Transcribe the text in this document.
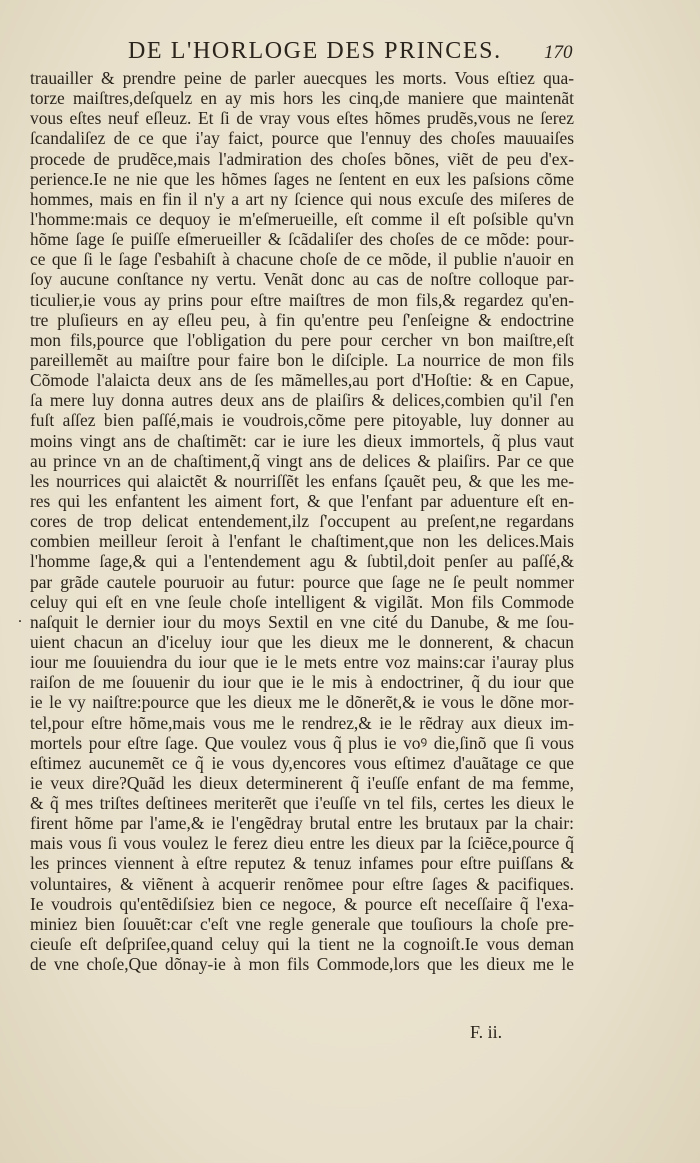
DE L'HORLOGE DES PRINCES. 170
.
trauailler & prendre peine de parler auecques les morts. Vous eſtiez qua-
torze maiſtres,deſquelz en ay mis hors les cinq,de maniere que maintenãt
vous eſtes neuf eſleuz. Et ſi de vray vous eſtes hõmes prudẽs,vous ne ſerez
ſcandaliſez de ce que i'ay faict, pource que l'ennuy des choſes mauuaiſes
procede de prudẽce,mais l'admiration des choſes bõnes, viẽt de peu d'ex-
perience.Ie ne nie que les hõmes ſages ne ſentent en eux les paſsions cõme
hommes, mais en fin il n'y a art ny ſcience qui nous excuſe des miſeres de
l'homme:mais ce dequoy ie m'eſmerueille, eſt comme il eſt poſsible qu'vn
hõme ſage ſe puiſſe eſmerueiller & ſcãdaliſer des choſes de ce mõde: pour-
ce que ſi le ſage ſ'esbahiſt à chacune choſe de ce mõde, il publie n'auoir en
ſoy aucune conſtance ny vertu. Venãt donc au cas de noſtre colloque par-
ticulier,ie vous ay prins pour eſtre maiſtres de mon fils,& regardez qu'en-
tre pluſieurs en ay eſleu peu, à fin qu'entre peu ſ'enſeigne & endoctrine
mon fils,pource que l'obligation du pere pour cercher vn bon maiſtre,eſt
pareillemẽt au maiſtre pour faire bon le diſciple. La nourrice de mon fils
Cõmode l'alaicta deux ans de ſes mãmelles,au port d'Hoſtie: & en Capue,
ſa mere luy donna autres deux ans de plaiſirs & delices,combien qu'il ſ'en
fuſt aſſez bien paſſé,mais ie voudrois,cõme pere pitoyable, luy donner au
moins vingt ans de chaſtimẽt: car ie iure les dieux immortels, q̃ plus vaut
au prince vn an de chaſtiment,q̃ vingt ans de delices & plaiſirs. Par ce que
les nourrices qui alaictẽt & nourriſſẽt les enfans ſçauẽt peu, & que les me-
res qui les enfantent les aiment fort, & que l'enfant par aduenture eſt en-
cores de trop delicat entendement,ilz ſ'occupent au preſent,ne regardans
combien meilleur ſeroit à l'enfant le chaſtiment,que non les delices.Mais
l'homme ſage,& qui a l'entendement agu & ſubtil,doit penſer au paſſé,&
par grãde cautele pouruoir au futur: pource que ſage ne ſe peult nommer
celuy qui eſt en vne ſeule choſe intelligent & vigilãt. Mon fils Commode
naſquit le dernier iour du moys Sextil en vne cité du Danube, & me ſou-
uient chacun an d'iceluy iour que les dieux me le donnerent, & chacun
iour me ſouuiendra du iour que ie le mets entre voz mains:car i'auray plus
raiſon de me ſouuenir du iour que ie le mis à endoctriner, q̃ du iour que
ie le vy naiſtre:pource que les dieux me le dõnerẽt,& ie vous le dõne mor-
tel,pour eſtre hõme,mais vous me le rendrez,& ie le rẽdray aux dieux im-
mortels pour eſtre ſage. Que voulez vous q̃ plus ie voꝰ die,ſinõ que ſi vous
eſtimez aucunemẽt ce q̃ ie vous dy,encores vous eſtimez d'auãtage ce que
ie veux dire?Quãd les dieux determinerent q̃ i'euſſe enfant de ma femme,
& q̃ mes triſtes deſtinees meriterẽt que i'euſſe vn tel fils, certes les dieux le
firent hõme par l'ame,& ie l'engẽdray brutal entre les brutaux par la chair:
mais vous ſi vous voulez le ferez dieu entre les dieux par la ſciẽce,pource q̃
les princes viennent à eſtre reputez & tenuz infames pour eſtre puiſſans &
voluntaires, & viẽnent à acquerir renõmee pour eſtre ſages & pacifiques.
Ie voudrois qu'entẽdiſsiez bien ce negoce, & pource eſt neceſſaire q̃ l'exa-
miniez bien ſouuẽt:car c'eſt vne regle generale que touſiours la choſe pre-
cieuſe eſt deſpriſee,quand celuy qui la tient ne la cognoiſt.Ie vous deman
de vne choſe,Que dõnay-ie à mon fils Commode,lors que les dieux me le
F. ii.
